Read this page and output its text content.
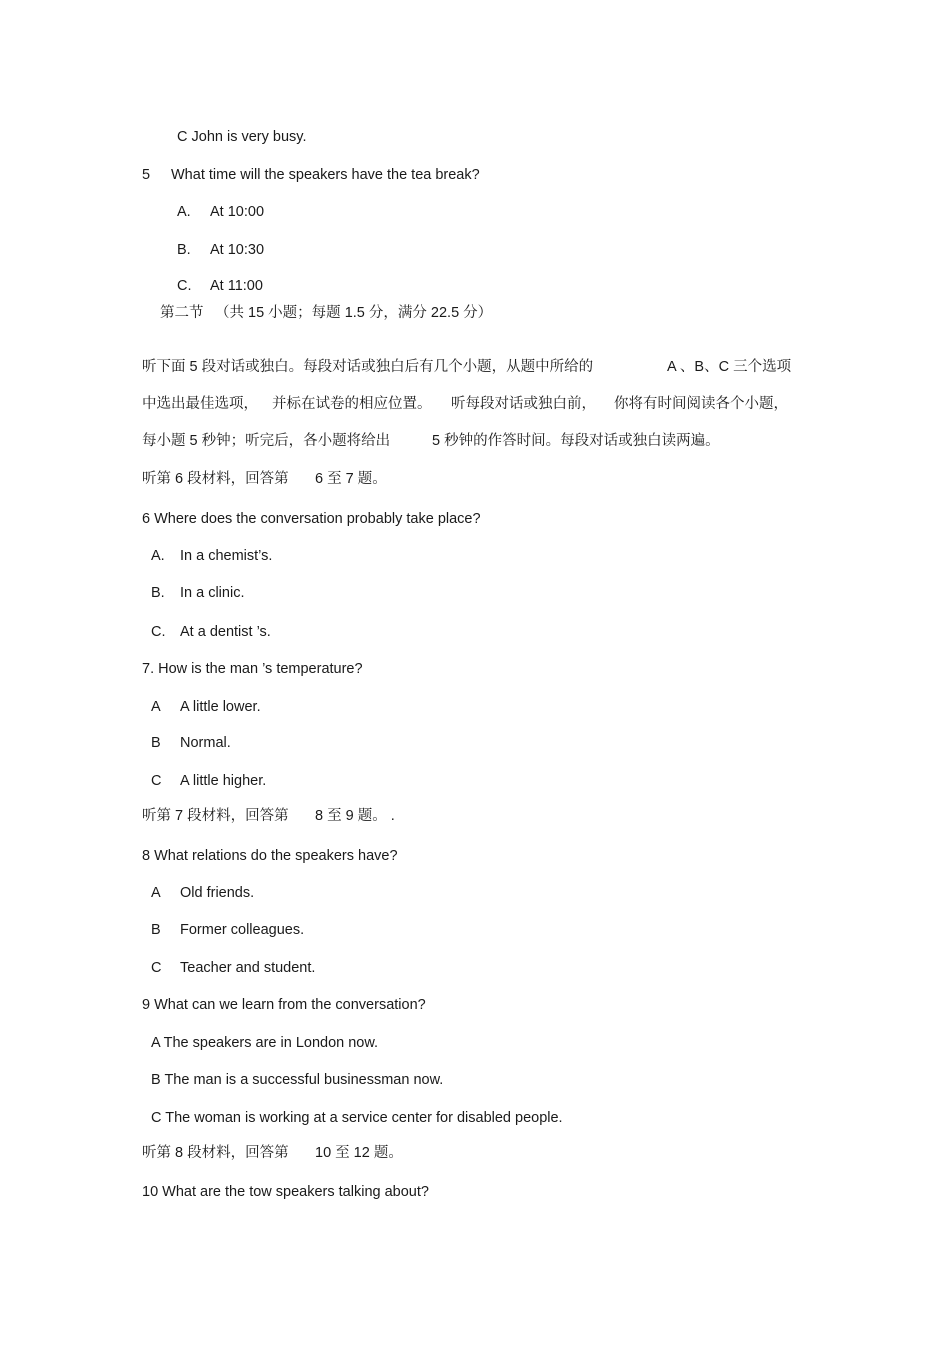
C John is very busy.
5 What time will the speakers have the tea break?
A. At 10:00
B. At 10:30
C. At 11:00
第二节 （共 15 小题；每题 1.5 分，满分 22.5 分）
听下面 5 段对话或独白。每段对话或独白后有几个小题，从题中所给的	A 、B、C 三个选项
中选出最佳选项， 并标在试卷的相应位置。 听每段对话或独白前， 你将有时间阅读各个小题，
每小题 5 秒钟；听完后，各小题将给出	5 秒钟的作答时间。每段对话或独白读两遍。
听第 6 段材料，回答第 6 至 7 题。
6 Where does the conversation probably take place?
A. In a chemist’s.
B. In a clinic.
C. At a dentist ’s.
7. How is the man ’s temperature?
A A little lower.
B Normal.
C A little higher.
听第 7 段材料，回答第 8 至 9 题。 .
8 What relations do the speakers have?
A Old friends.
B Former colleagues.
C Teacher and student.
9 What can we learn from the conversation?
A The speakers are in London now.
B The man is a successful businessman now.
C The woman is working at a service center for disabled people.
听第 8 段材料，回答第 10 至 12 题。
10 What are the tow speakers talking about?
